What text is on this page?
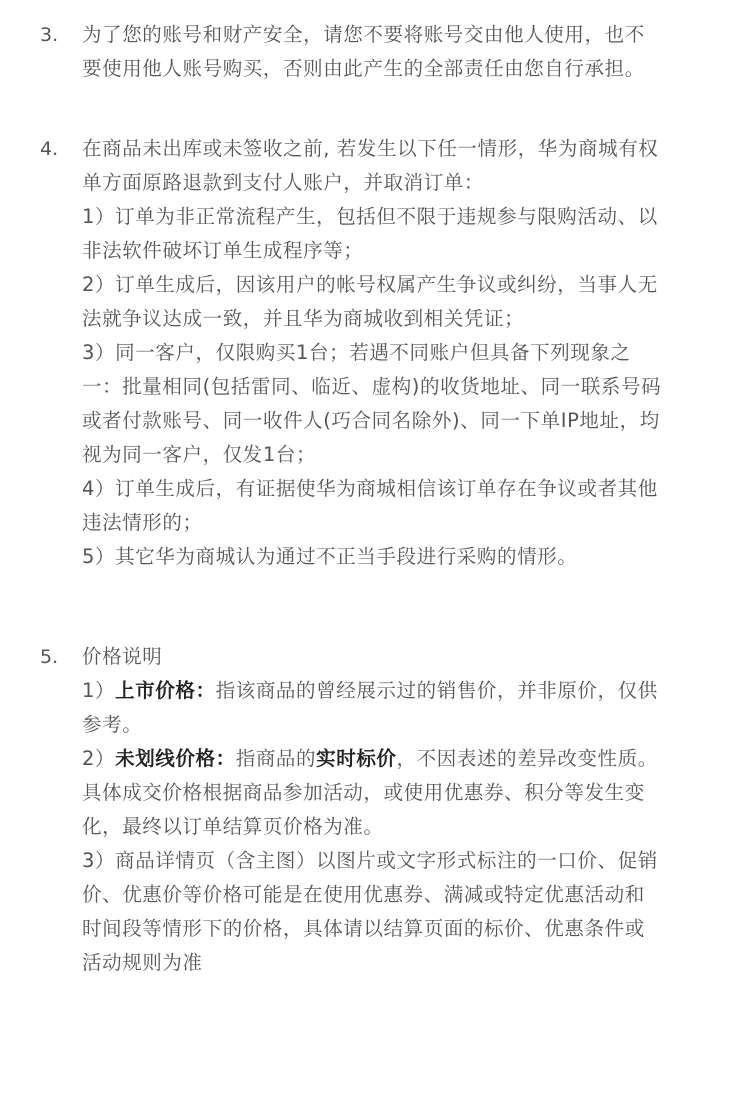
3. 为了您的账号和财产安全，请您不要将账号交由他人使用，也不
要使用他人账号购买，否则由此产生的全部责任由您自行承担。
4. 在商品未出库或未签收之前, 若发生以下任一情形，华为商城有权
单方面原路退款到支付人账户，并取消订单：
1）订单为非正常流程产生，包括但不限于违规参与限购活动、以
非法软件破坏订单生成程序等；
2）订单生成后，因该用户的帐号权属产生争议或纠纷，当事人无
法就争议达成一致，并且华为商城收到相关凭证；
3）同一客户，仅限购买1台；若遇不同账户但具备下列现象之
一：批量相同(包括雷同、临近、虚构)的收货地址、同一联系号码
或者付款账号、同一收件人(巧合同名除外)、同一下单IP地址，均
视为同一客户，仅发1台；
4）订单生成后，有证据使华为商城相信该订单存在争议或者其他
违法情形的；
5）其它华为商城认为通过不正当手段进行采购的情形。
5. 价格说明
1）上市价格：指该商品的曾经展示过的销售价，并非原价，仅供
参考。
2）未划线价格：指商品的实时标价，不因表述的差异改变性质。
具体成交价格根据商品参加活动，或使用优惠券、积分等发生变
化，最终以订单结算页价格为准。
3）商品详情页（含主图）以图片或文字形式标注的一口价、促销
价、优惠价等价格可能是在使用优惠券、满减或特定优惠活动和
时间段等情形下的价格，具体请以结算页面的标价、优惠条件或
活动规则为准
